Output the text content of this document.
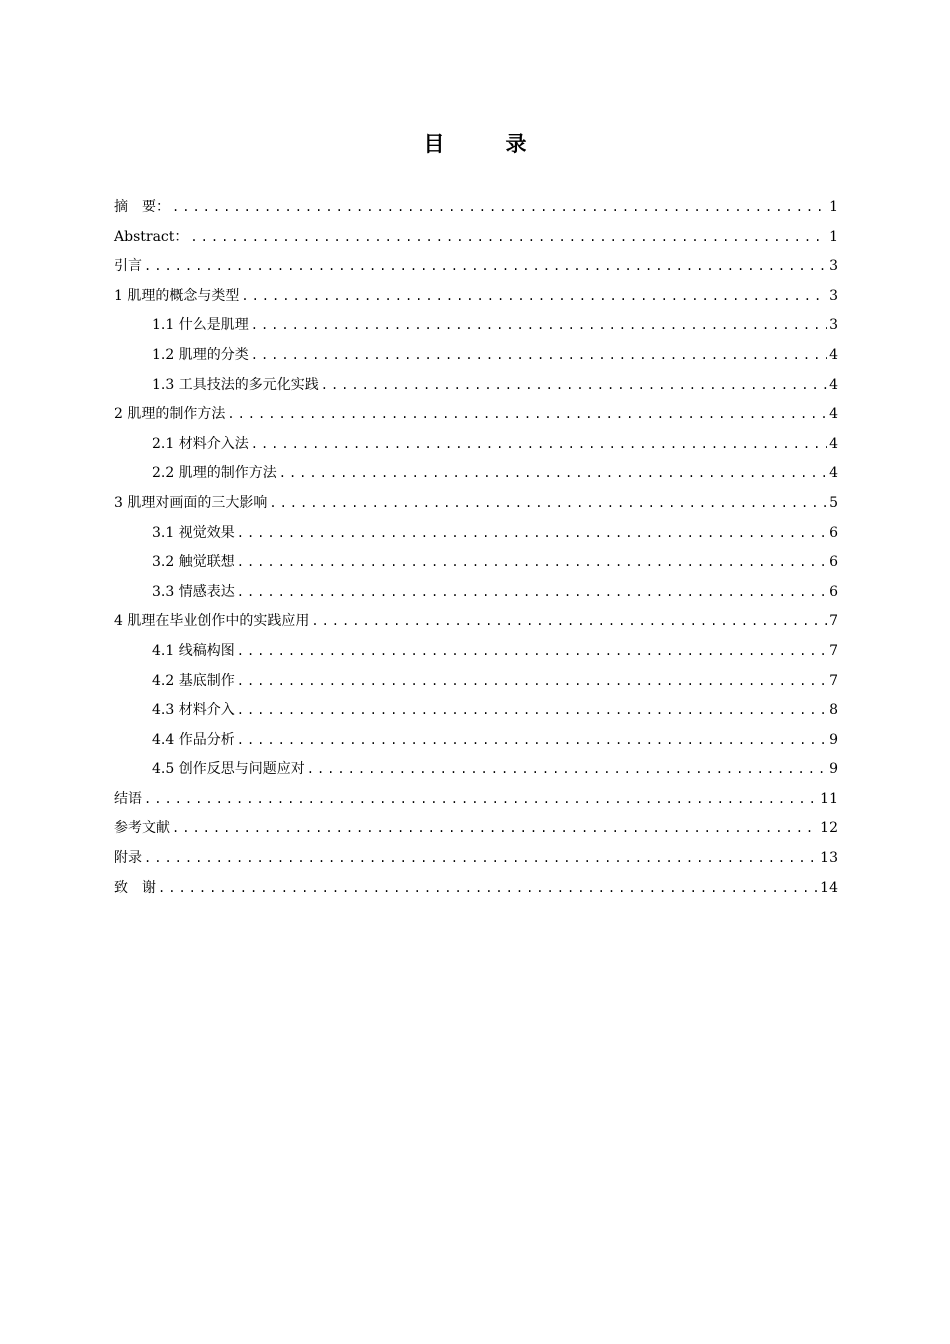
目　录
摘　要： .....	1
Abstract： .....	1
引言 .....	3
1 肌理的概念与类型 .....	3
1.1 什么是肌理 .....	3
1.2 肌理的分类 .....	4
1.3 工具技法的多元化实践 .....	4
2 肌理的制作方法 .....	4
2.1 材料介入法 .....	4
2.2 肌理的制作方法 .....	4
3 肌理对画面的三大影响 .....	5
3.1 视觉效果 .....	6
3.2 触觉联想 .....	6
3.3 情感表达 .....	6
4 肌理在毕业创作中的实践应用 .....	7
4.1 线稿构图 .....	7
4.2 基底制作 .....	7
4.3 材料介入 .....	8
4.4 作品分析 .....	9
4.5 创作反思与问题应对 .....	9
结语 .....	11
参考文献 .....	12
附录 .....	13
致　谢 .....	14
